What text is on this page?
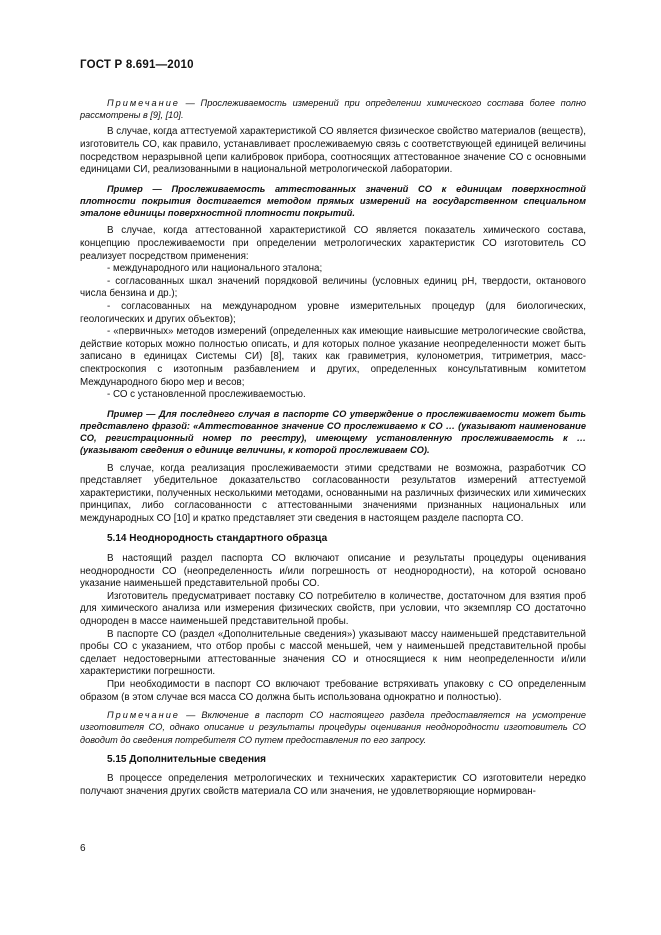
ГОСТ Р 8.691—2010

Примечание — Прослеживаемость измерений при определении химического состава более полно рассмотрены в [9], [10].

В случае, когда аттестуемой характеристикой СО является физическое свойство материалов (веществ), изготовитель СО, как правило, устанавливает прослеживаемую связь с соответствующей единицей величины посредством неразрывной цепи калибровок прибора, соотносящих аттестованное значение СО с основными единицами СИ, реализованными в национальной метрологической лаборатории.

Пример — Прослеживаемость аттестованных значений СО к единицам поверхностной плотности покрытия достигается методом прямых измерений на государственном специальном эталоне единицы поверхностной плотности покрытий.

В случае, когда аттестованной характеристикой СО является показатель химического состава, концепцию прослеживаемости при определении метрологических характеристик СО изготовитель СО реализует посредством применения:

- международного или национального эталона;

- согласованных шкал значений порядковой величины (условных единиц pH, твердости, октанового числа бензина и др.);

- согласованных на международном уровне измерительных процедур (для биологических, геологических и других объектов);

- «первичных» методов измерений (определенных как имеющие наивысшие метрологические свойства, действие которых можно полностью описать, и для которых полное указание неопределенности может быть записано в единицах Системы СИ) [8], таких как гравиметрия, кулонометрия, титриметрия, масс-спектроскопия с изотопным разбавлением и других, определенных консультативным комитетом Международного бюро мер и весов;

- СО с установленной прослеживаемостью.

Пример — Для последнего случая в паспорте СО утверждение о прослеживаемости может быть представлено фразой: «Аттестованное значение СО прослеживаемо к СО … (указывают наименование СО, регистрационный номер по реестру), имеющему установленную прослеживаемость к … (указывают сведения о единице величины, к которой прослеживаем СО).

В случае, когда реализация прослеживаемости этими средствами не возможна, разработчик СО представляет убедительное доказательство согласованности результатов измерений аттестуемой характеристики, полученных несколькими методами, основанными на различных физических или химических принципах, либо согласованности с аттестованными значениями признанных национальных или международных СО [10] и кратко представляет эти сведения в настоящем разделе паспорта СО.

5.14 Неоднородность стандартного образца

В настоящий раздел паспорта СО включают описание и результаты процедуры оценивания неоднородности СО (неопределенность и/или погрешность от неоднородности), на которой основано указание наименьшей представительной пробы СО.

Изготовитель предусматривает поставку СО потребителю в количестве, достаточном для взятия проб для химического анализа или измерения физических свойств, при условии, что экземпляр СО достаточно однороден в массе наименьшей представительной пробы.

В паспорте СО (раздел «Дополнительные сведения») указывают массу наименьшей представительной пробы СО с указанием, что отбор пробы с массой меньшей, чем у наименьшей представительной пробы сделает недостоверными аттестованные значения СО и относящиеся к ним неопределенности и/или характеристики погрешности.

При необходимости в паспорт СО включают требование встряхивать упаковку с СО определенным образом (в этом случае вся масса СО должна быть использована однократно и полностью).

Примечание — Включение в паспорт СО настоящего раздела предоставляется на усмотрение изготовителя СО, однако описание и результаты процедуры оценивания неоднородности изготовитель СО доводит до сведения потребителя СО путем предоставления по его запросу.

5.15 Дополнительные сведения

В процессе определения метрологических и технических характеристик СО изготовители нередко получают значения других свойств материала СО или значения, не удовлетворяющие нормирован-

6
